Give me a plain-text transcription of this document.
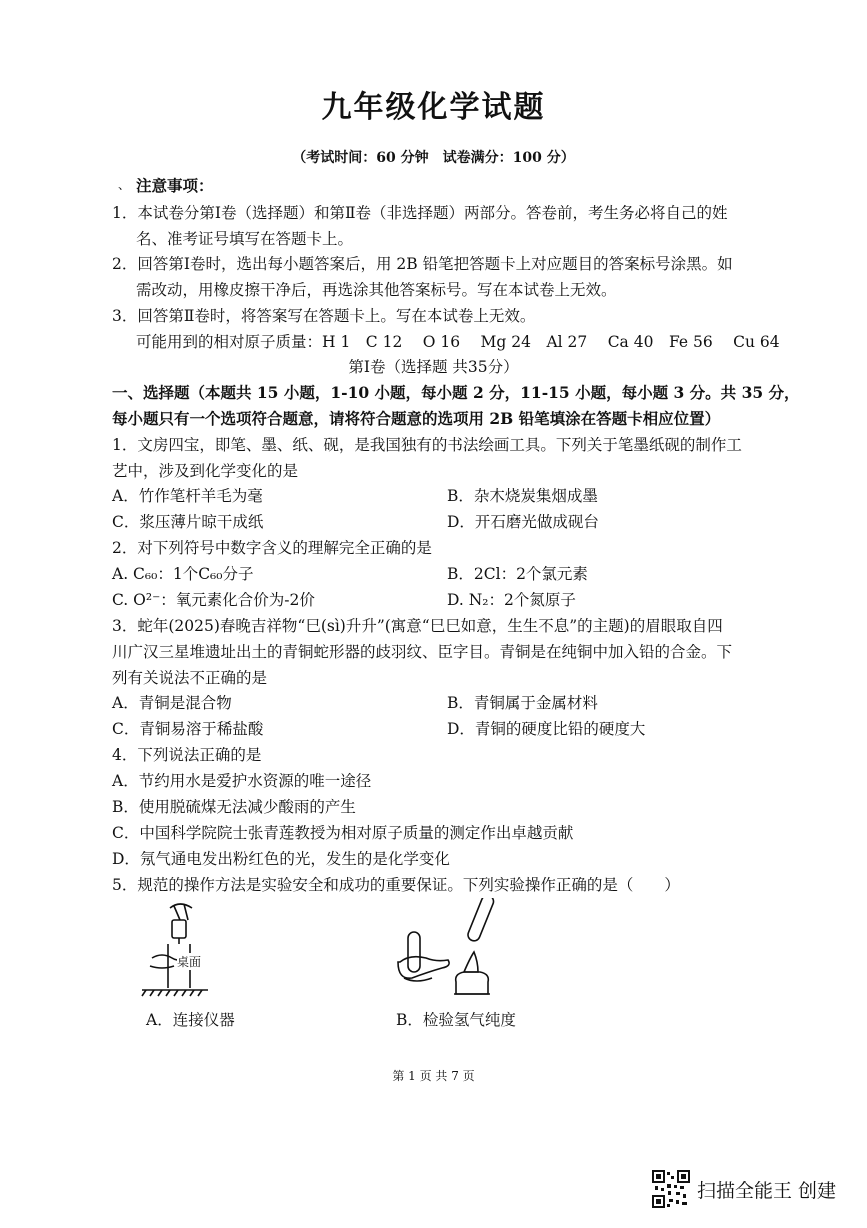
九年级化学试题
（考试时间：60 分钟　试卷满分：100 分）
、 注意事项：
1．本试卷分第Ⅰ卷（选择题）和第Ⅱ卷（非选择题）两部分。答卷前，考生务必将自己的姓
名、准考证号填写在答题卡上。
2．回答第Ⅰ卷时，选出每小题答案后，用 2B 铅笔把答题卡上对应题目的答案标号涂黑。如
需改动，用橡皮擦干净后，再选涂其他答案标号。写在本试卷上无效。
3．回答第Ⅱ卷时，将答案写在答题卡上。写在本试卷上无效。
可能用到的相对原子质量：H 1　C 12　 O 16　 Mg 24　Al 27　 Ca 40　Fe 56　 Cu 64
第Ⅰ卷（选择题 共35分）
一、选择题（本题共 15 小题，1-10 小题，每小题 2 分，11-15 小题，每小题 3 分。共 35 分，
每小题只有一个选项符合题意，请将符合题意的选项用 2B 铅笔填涂在答题卡相应位置）
1．文房四宝，即笔、墨、纸、砚，是我国独有的书法绘画工具。下列关于笔墨纸砚的制作工
艺中，涉及到化学变化的是
A．竹作笔杆羊毛为毫	B．杂木烧炭集烟成墨
C．浆压薄片晾干成纸	D．开石磨光做成砚台
2．对下列符号中数字含义的理解完全正确的是
A. C₆₀：1个C₆₀分子	B．2Cl：2个氯元素
C. O²⁻：氧元素化合价为-2价	D. N₂：2个氮原子
3．蛇年(2025)春晚吉祥物“巳(sì)升升”(寓意“巳巳如意，生生不息”的主题)的眉眼取自四
川广汉三星堆遗址出土的青铜蛇形器的歧羽纹、臣字目。青铜是在纯铜中加入铅的合金。下
列有关说法不正确的是
A．青铜是混合物	B．青铜属于金属材料
C．青铜易溶于稀盐酸	D．青铜的硬度比铅的硬度大
4．下列说法正确的是
A．节约用水是爱护水资源的唯一途径
B．使用脱硫煤无法减少酸雨的产生
C．中国科学院院士张青莲教授为相对原子质量的测定作出卓越贡献
D．氖气通电发出粉红色的光，发生的是化学变化
5．规范的操作方法是实验安全和成功的重要保证。下列实验操作正确的是（　　）
桌面
A．连接仪器	B．检验氢气纯度
第 1 页 共 7 页
扫描全能王 创建
